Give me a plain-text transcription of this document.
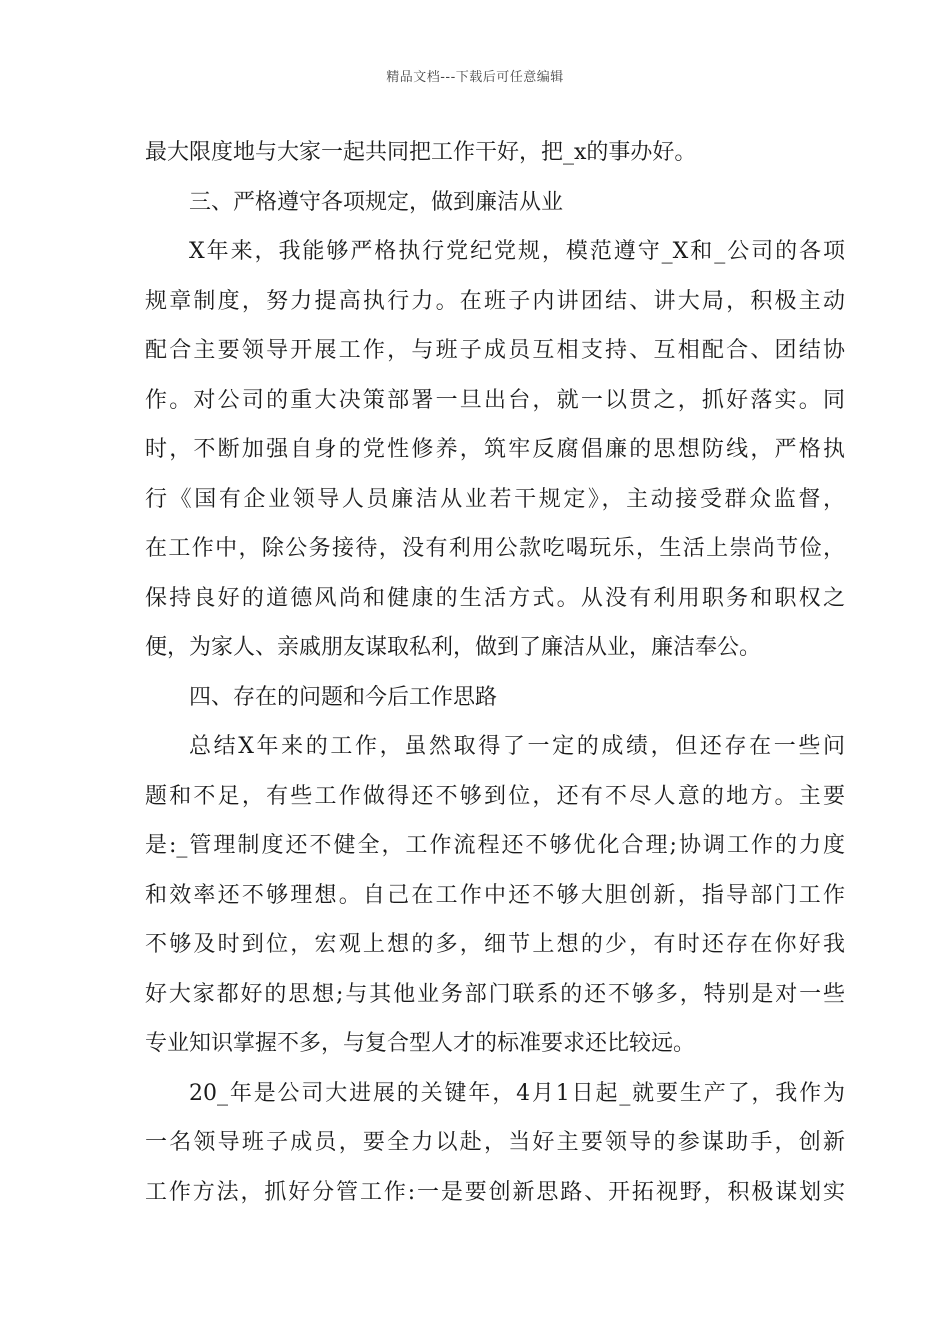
精品文档---下载后可任意编辑
最大限度地与大家一起共同把工作干好，把_x的事办好。
三、严格遵守各项规定，做到廉洁从业
X年来，我能够严格执行党纪党规，模范遵守_X和_公司的各项
规章制度，努力提高执行力。在班子内讲团结、讲大局，积极主动
配合主要领导开展工作，与班子成员互相支持、互相配合、团结协
作。对公司的重大决策部署一旦出台，就一以贯之，抓好落实。同
时，不断加强自身的党性修养，筑牢反腐倡廉的思想防线，严格执
行《国有企业领导人员廉洁从业若干规定》，主动接受群众监督，
在工作中，除公务接待，没有利用公款吃喝玩乐，生活上崇尚节俭，
保持良好的道德风尚和健康的生活方式。从没有利用职务和职权之
便，为家人、亲戚朋友谋取私利，做到了廉洁从业，廉洁奉公。
四、存在的问题和今后工作思路
总结X年来的工作，虽然取得了一定的成绩，但还存在一些问
题和不足，有些工作做得还不够到位，还有不尽人意的地方。主要
是:_管理制度还不健全，工作流程还不够优化合理;协调工作的力度
和效率还不够理想。自己在工作中还不够大胆创新，指导部门工作
不够及时到位，宏观上想的多，细节上想的少，有时还存在你好我
好大家都好的思想;与其他业务部门联系的还不够多，特别是对一些
专业知识掌握不多，与复合型人才的标准要求还比较远。
20_年是公司大进展的关键年，4月1日起_就要生产了，我作为
一名领导班子成员，要全力以赴，当好主要领导的参谋助手，创新
工作方法，抓好分管工作:一是要创新思路、开拓视野，积极谋划实
